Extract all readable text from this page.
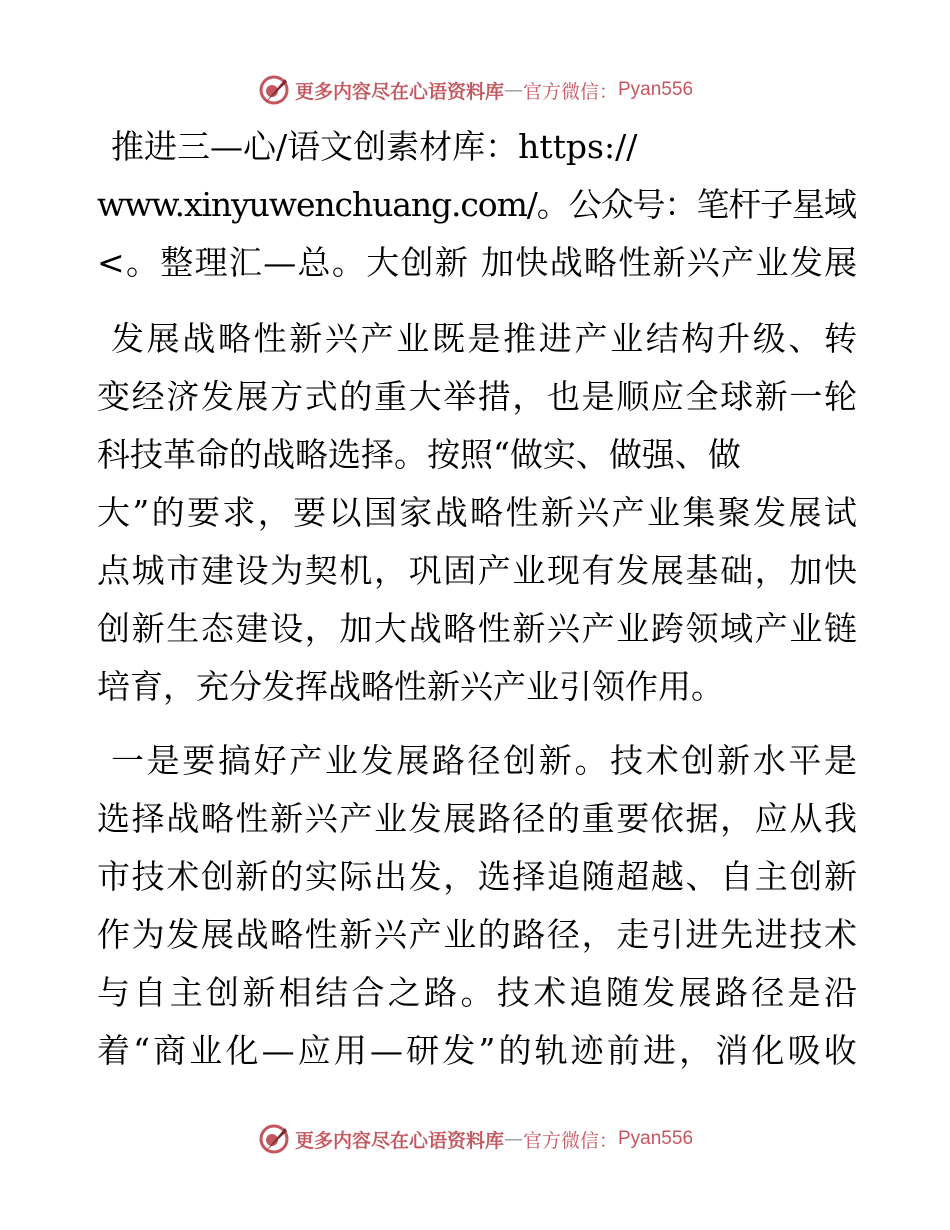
更多内容尽在心语资料库 — 官方微信： Pyan556
推进三—心/语文创素材库：https://
www.xinyuwenchuang.com/。公众号：笔杆子星域
<。整理汇—总。大创新 加快战略性新兴产业发展
发展战略性新兴产业既是推进产业结构升级、转
变经济发展方式的重大举措，也是顺应全球新一轮
科技革命的战略选择。按照“做实、做强、做
大”的要求，要以国家战略性新兴产业集聚发展试
点城市建设为契机，巩固产业现有发展基础，加快
创新生态建设，加大战略性新兴产业跨领域产业链
培育，充分发挥战略性新兴产业引领作用。
一是要搞好产业发展路径创新。技术创新水平是
选择战略性新兴产业发展路径的重要依据，应从我
市技术创新的实际出发，选择追随超越、自主创新
作为发展战略性新兴产业的路径，走引进先进技术
与自主创新相结合之路。技术追随发展路径是沿
着“商业化—应用—研发”的轨迹前进，消化吸收
更多内容尽在心语资料库 — 官方微信： Pyan556
